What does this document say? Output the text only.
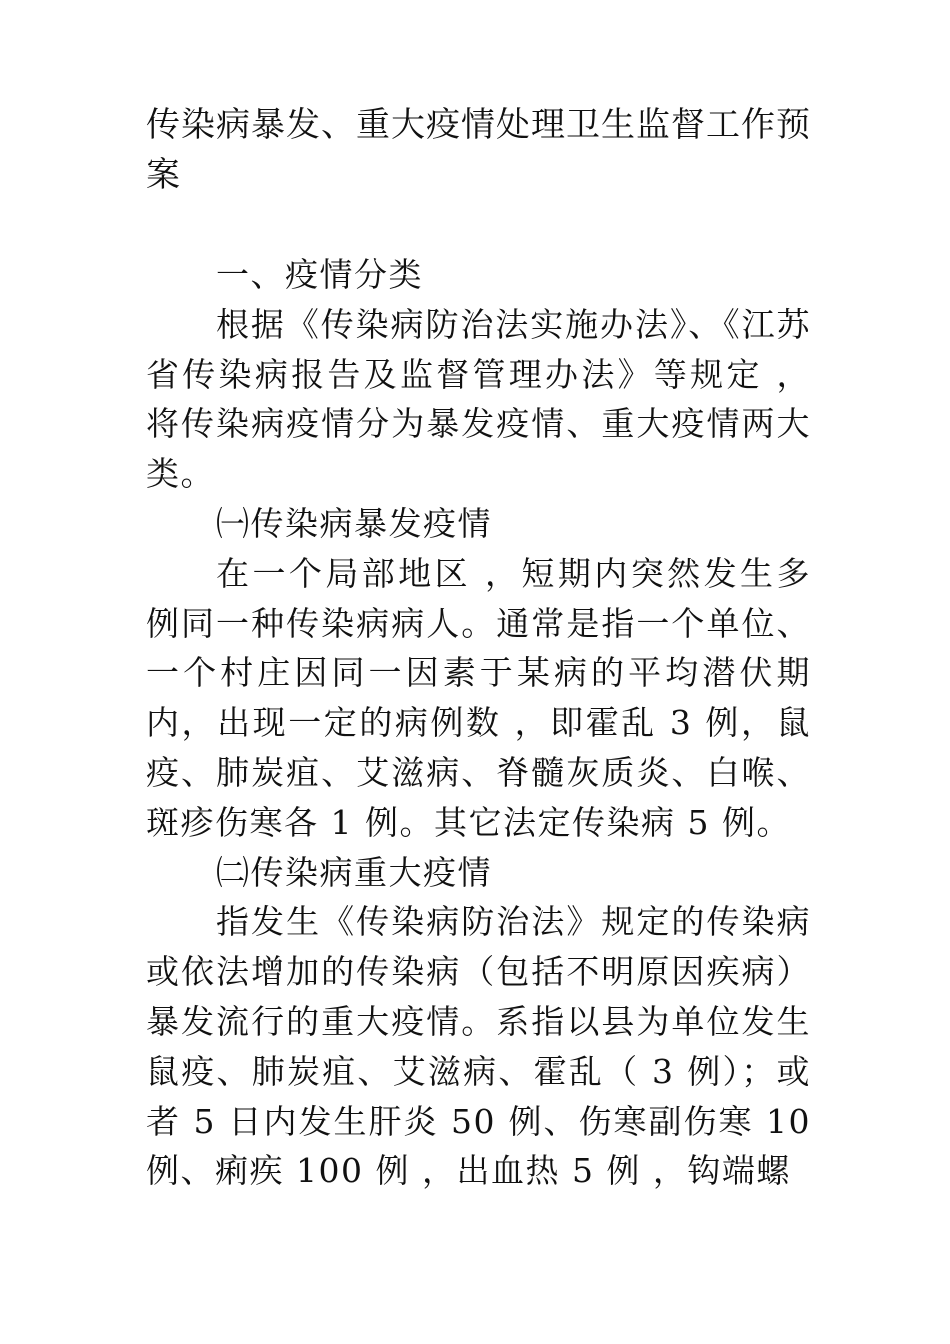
传染病暴发、重大疫情处理卫生监督工作预案

一、疫情分类

根据《传染病防治法实施办法》、《江苏省传染病报告及监督管理办法》等规定 ，将传染病疫情分为暴发疫情、重大疫情两大类。

㈠传染病暴发疫情

在一个局部地区 ，短期内突然发生多例同一种传染病病人。通常是指一个单位、一个村庄因同一因素于某病的平均潜伏期内，出现一定的病例数 ，即霍乱 3 例，鼠疫、肺炭疽、艾滋病、脊髓灰质炎、白喉、斑疹伤寒各 1 例。其它法定传染病 5 例。

㈡传染病重大疫情

指发生《传染病防治法》规定的传染病或依法增加的传染病（包括不明原因疾病）暴发流行的重大疫情。系指以县为单位发生鼠疫、肺炭疽、艾滋病、霍乱（ 3 例）；或者 5 日内发生肝炎 50 例、伤寒副伤寒 10 例、痢疾 100 例 ，出血热 5 例 ，钩端螺
